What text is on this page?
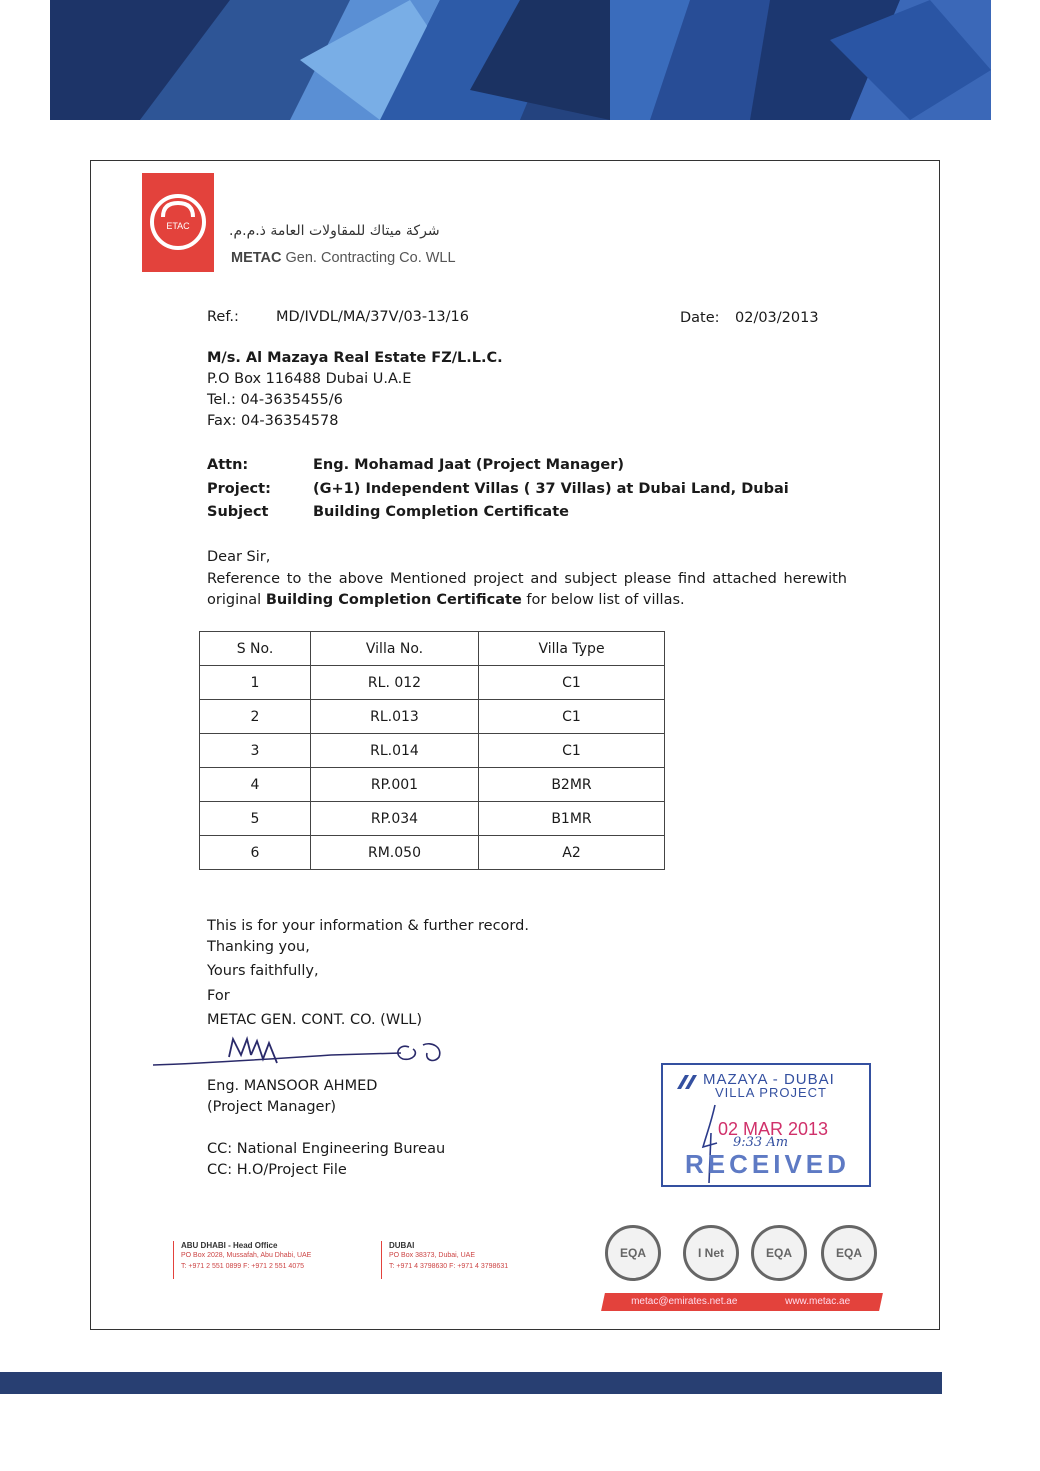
ETAC	شركة ميتاك للمقاولات العامة ذ.م.م.
METAC Gen. Contracting Co. WLL
Ref.:	MD/IVDL/MA/37V/03-13/16	Date: 02/03/2013
M/s. Al Mazaya Real Estate FZ/L.L.C.
P.O Box 116488 Dubai U.A.E
Tel.: 04-3635455/6
Fax: 04-36354578
Attn:	Eng. Mohamad Jaat (Project Manager)
Project:	(G+1) Independent Villas ( 37 Villas) at Dubai Land, Dubai
Subject	Building Completion Certificate
Dear Sir,
Reference to the above Mentioned project and subject please find attached herewith
original Building Completion Certificate for below list of villas.
S No.	Villa No.	Villa Type
1	RL. 012	C1
2	RL.013	C1
3	RL.014	C1
4	RP.001	B2MR
5	RP.034	B1MR
6	RM.050	A2
This is for your information & further record.
Thanking you,
Yours faithfully,
For
METAC GEN. CONT. CO. (WLL)
Eng. MANSOOR AHMED
(Project Manager)
CC: National Engineering Bureau
CC: H.O/Project File
MAZAYA - DUBAI
VILLA PROJECT
02 MAR 2013
9:33 Am
RECEIVED
ABU DHABI - Head Office
PO Box 2028, Mussafah, Abu Dhabi, UAE
T: +971 2 551 0899 F: +971 2 551 4075
DUBAI
PO Box 38373, Dubai, UAE
T: +971 4 3798630 F: +971 4 3798631
EQA	I Net	EQA	EQA
metac@emirates.net.ae	www.metac.ae
